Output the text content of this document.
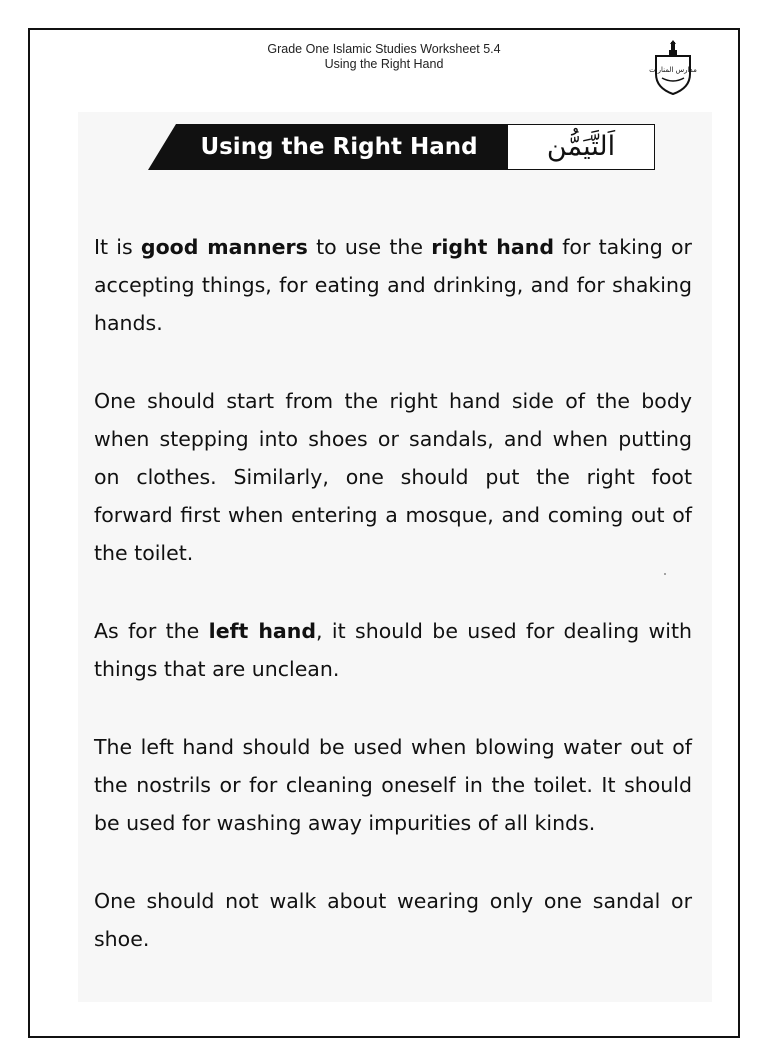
Grade One Islamic Studies Worksheet 5.4
Using the Right Hand	مدارس المنارات
Using the Right Hand	اَلتَّيَمُّن

It is good manners to use the right hand for taking or accepting things, for eating and drinking, and for shaking hands.

One should start from the right hand side of the body when stepping into shoes or sandals, and when putting on clothes. Similarly, one should put the right foot forward first when entering a mosque, and coming out of the toilet.

As for the left hand, it should be used for dealing with things that are unclean.

The left hand should be used when blowing water out of the nostrils or for cleaning oneself in the toilet. It should be used for washing away impurities of all kinds.

One should not walk about wearing only one sandal or shoe.
